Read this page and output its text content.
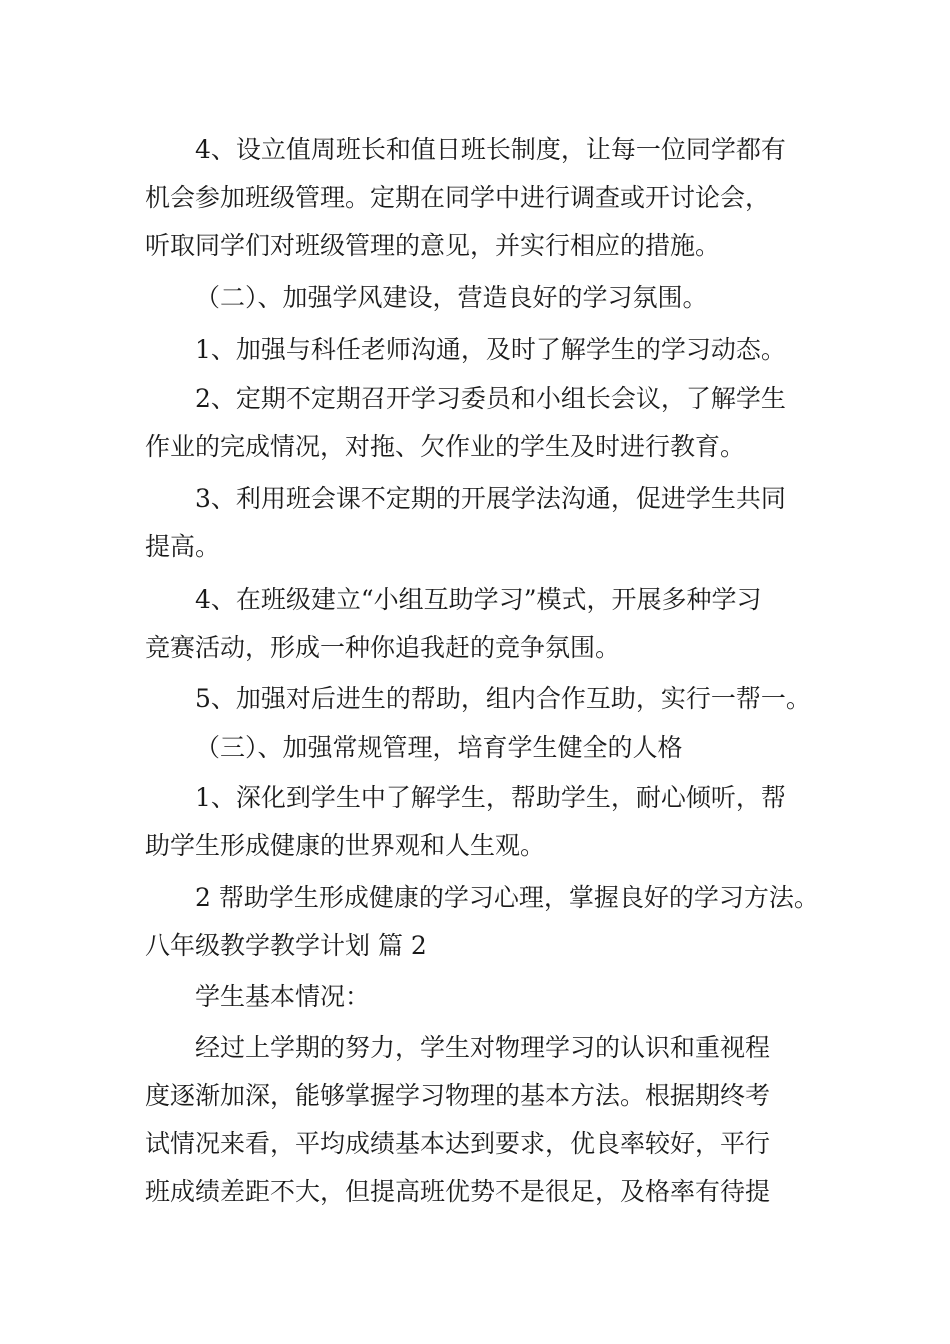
4、设立值周班长和值日班长制度，让每一位同学都有
机会参加班级管理。定期在同学中进行调查或开讨论会，
听取同学们对班级管理的意见，并实行相应的措施。

（二）、加强学风建设，营造良好的学习氛围。

1、加强与科任老师沟通，及时了解学生的学习动态。

2、定期不定期召开学习委员和小组长会议，了解学生
作业的完成情况，对拖、欠作业的学生及时进行教育。

3、利用班会课不定期的开展学法沟通，促进学生共同
提高。

4、在班级建立“小组互助学习”模式，开展多种学习
竞赛活动，形成一种你追我赶的竞争氛围。

5、加强对后进生的帮助，组内合作互助，实行一帮一。

（三）、加强常规管理，培育学生健全的人格

1、深化到学生中了解学生，帮助学生，耐心倾听，帮
助学生形成健康的世界观和人生观。

2 帮助学生形成健康的学习心理，掌握良好的学习方法。

八年级教学教学计划 篇 2

学生基本情况：

经过上学期的努力，学生对物理学习的认识和重视程
度逐渐加深，能够掌握学习物理的基本方法。根据期终考
试情况来看，平均成绩基本达到要求，优良率较好，平行
班成绩差距不大，但提高班优势不是很足，及格率有待提
